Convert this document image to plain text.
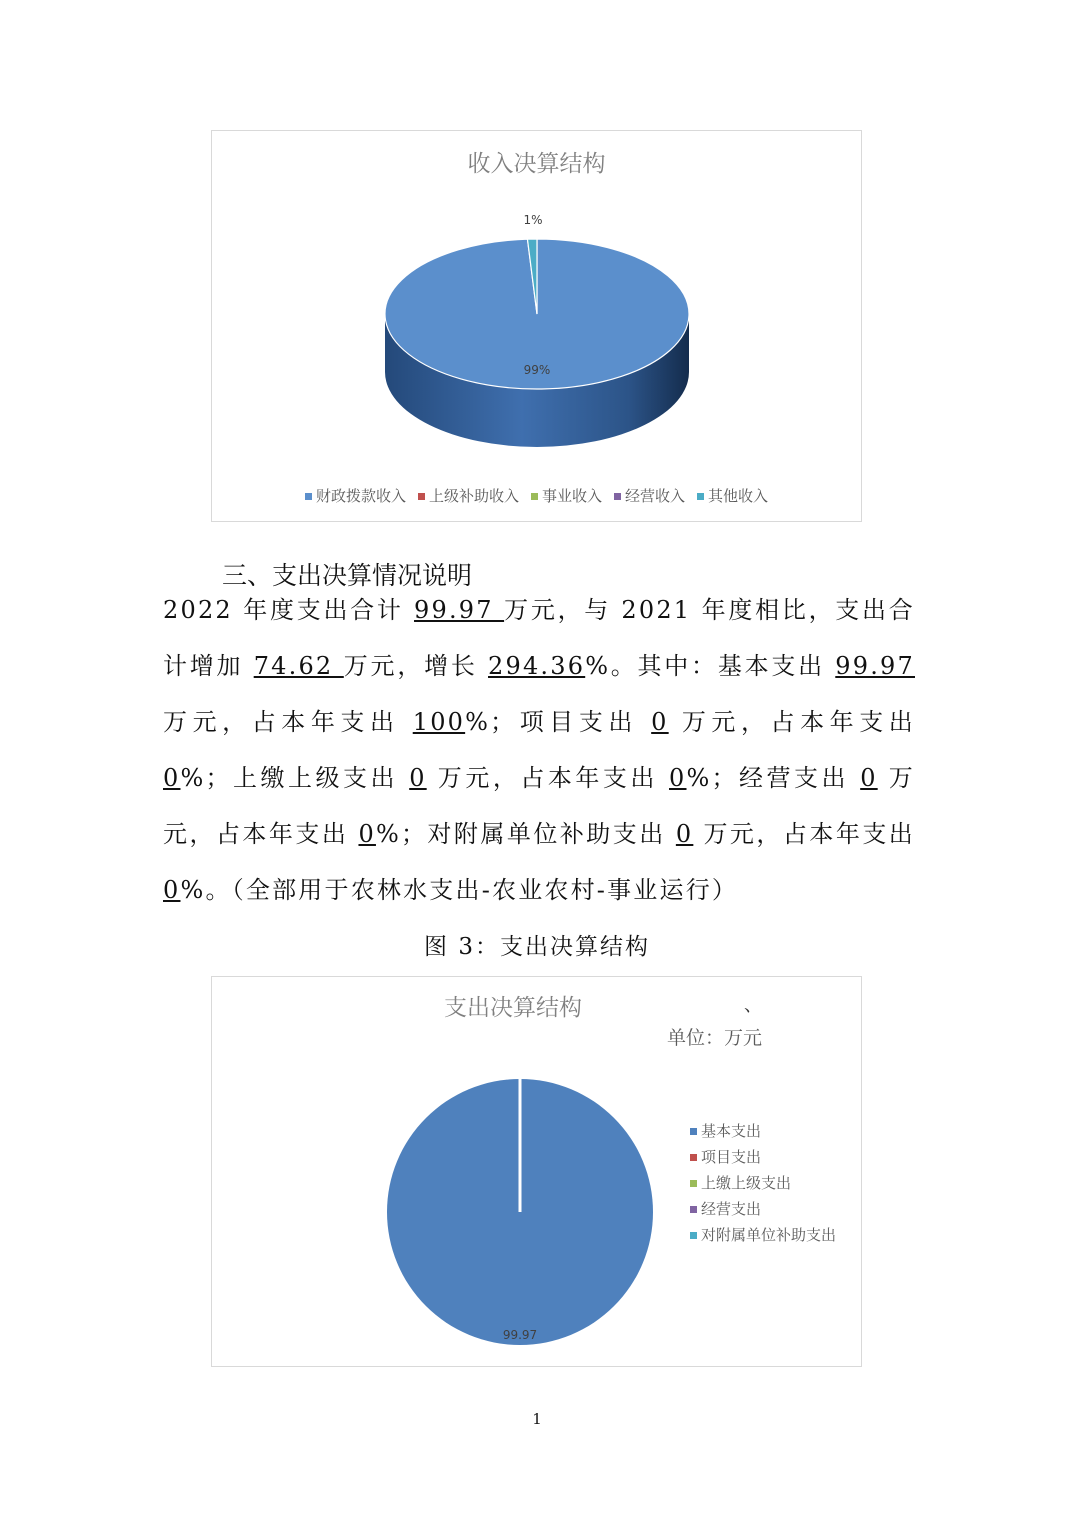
99%
1%
收入决算结构
财政拨款收入 上级补助收入 事业收入 经营收入 其他收入
三、支出决算情况说明
2022 年度支出合计 99.97 万元，与 2021 年度相比，支出合计增加 74.62 万元，增长 294.36%。其中：基本支出 99.97 万元，占本年支出 100%；项目支出 0 万元，占本年支出 0%；上缴上级支出 0 万元，占本年支出 0%；经营支出 0 万元，占本年支出 0%；对附属单位补助支出 0 万元，占本年支出 0%。（全部用于农林水支出-农业农村-事业运行）
图 3：支出决算结构
99.97
支出决算结构	、
单位：万元
基本支出
项目支出
上缴上级支出
经营支出
对附属单位补助支出
1
